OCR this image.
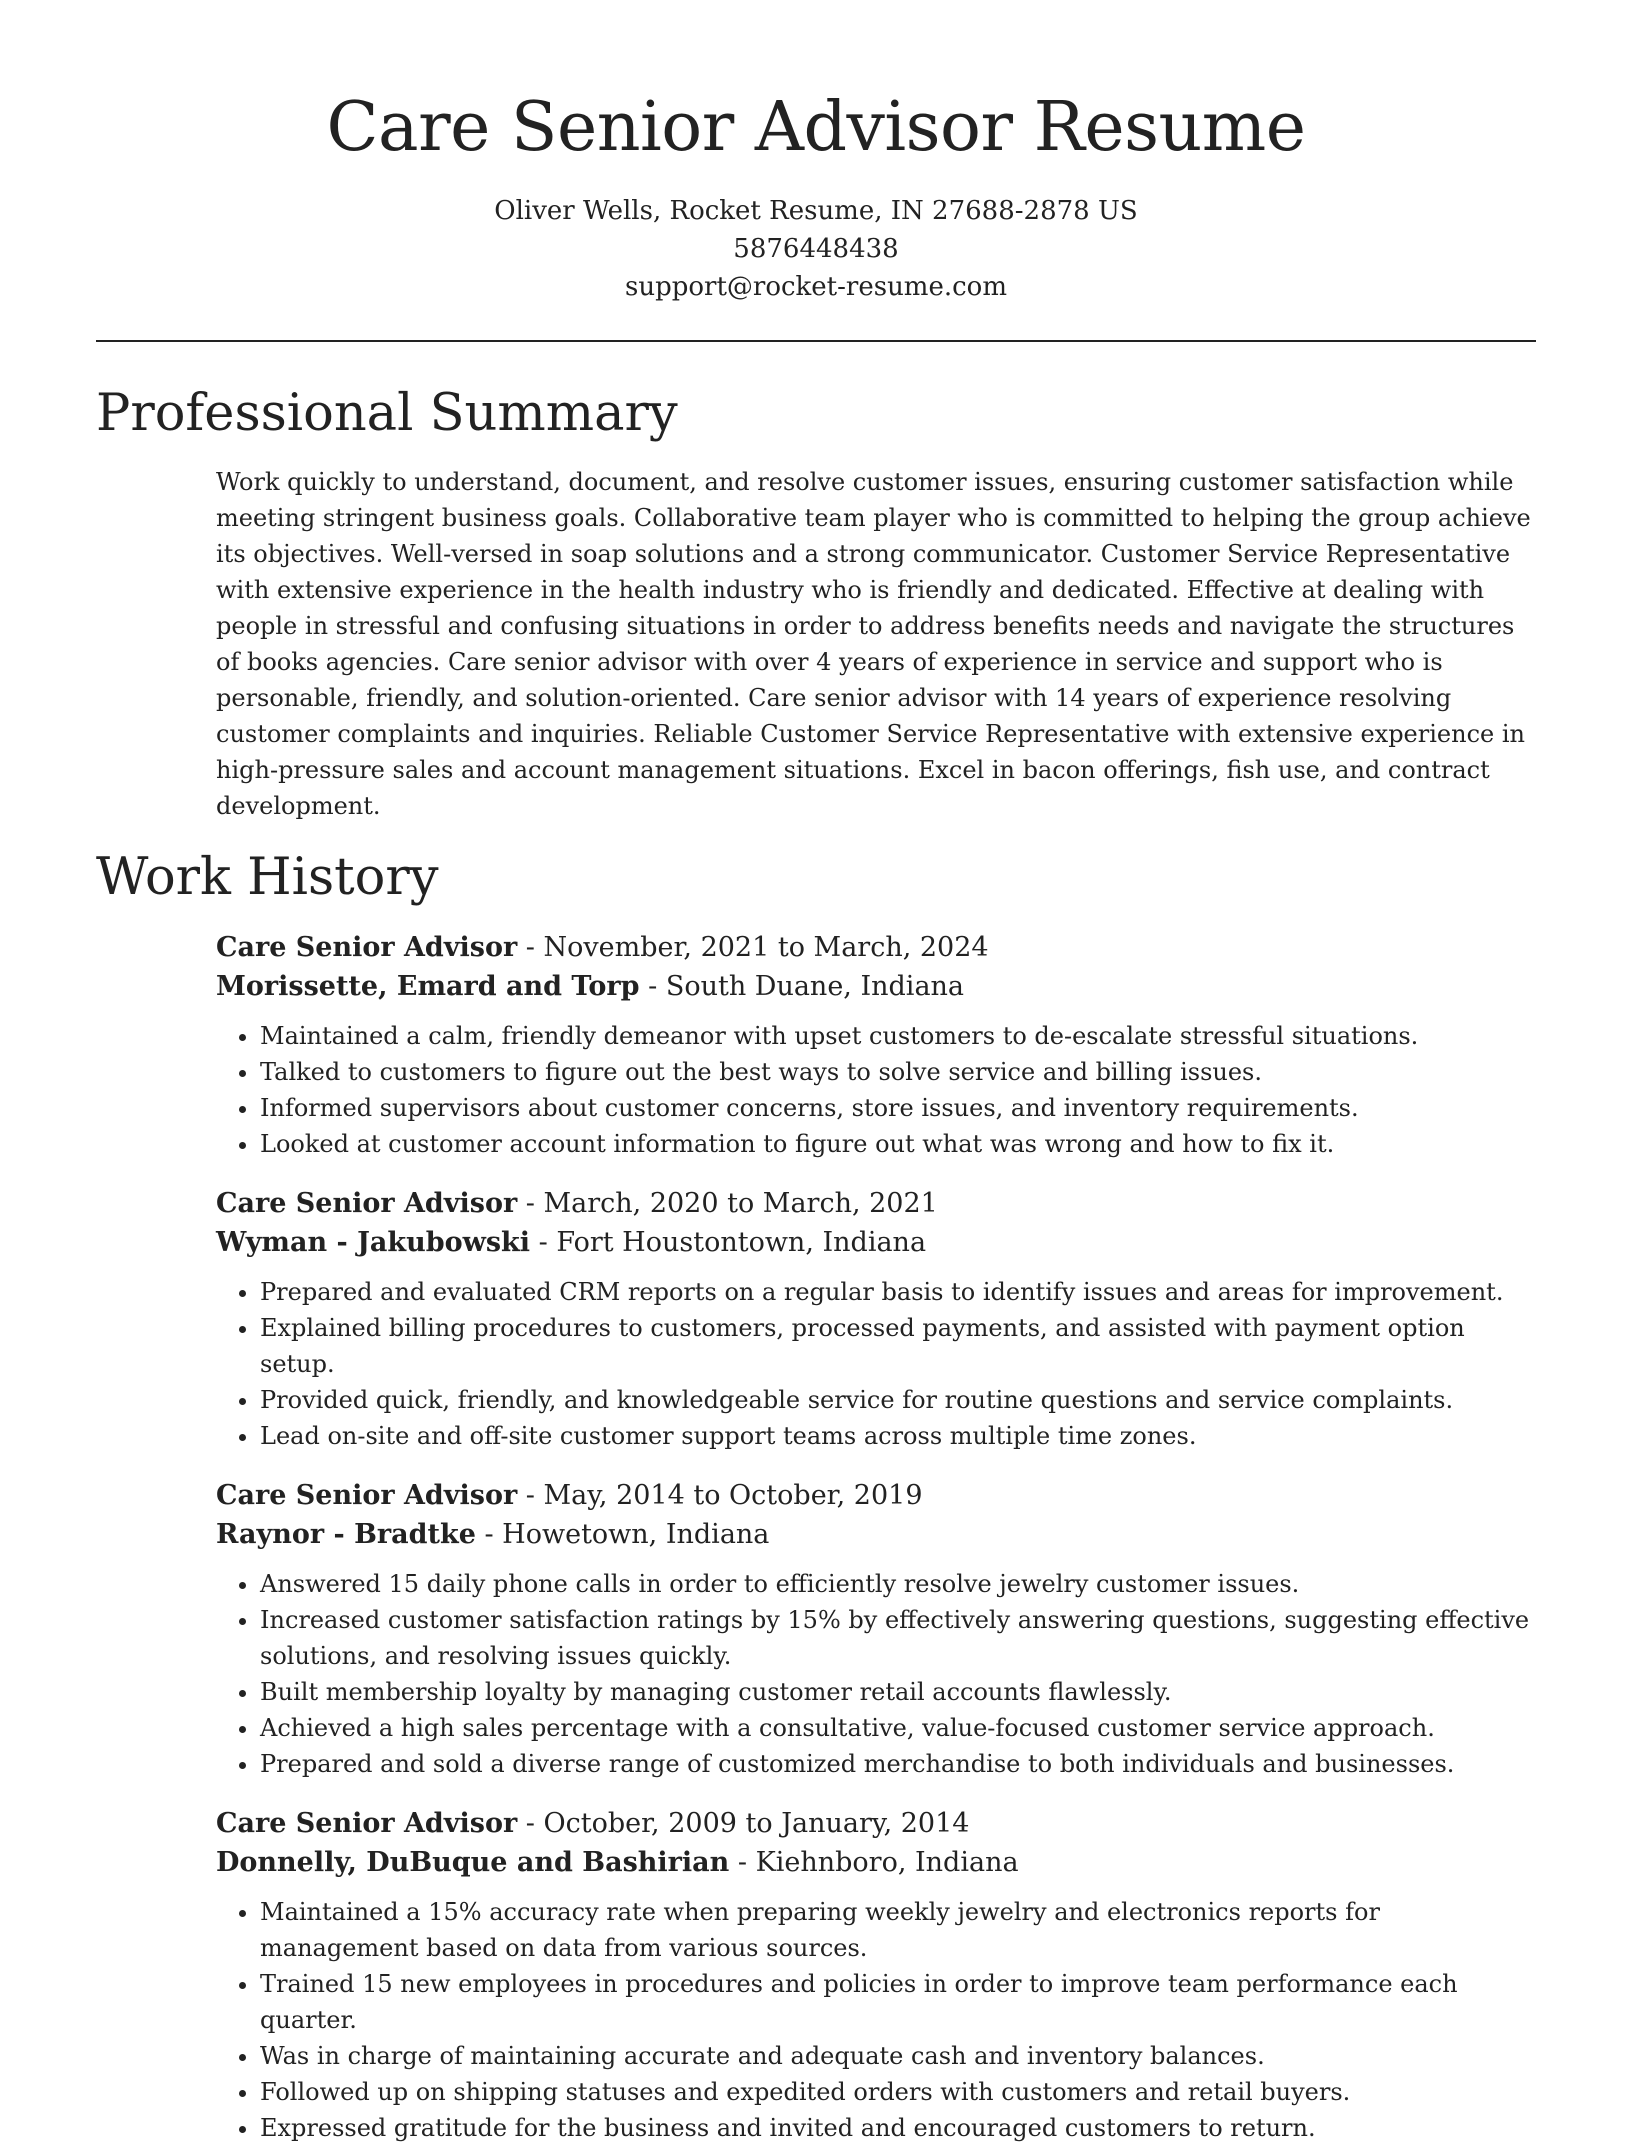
Care Senior Advisor Resume
Oliver Wells, Rocket Resume, IN 27688-2878 US
5876448438
support@rocket-resume.com
Professional Summary
Work quickly to understand, document, and resolve customer issues, ensuring customer satisfaction while meeting stringent business goals. Collaborative team player who is committed to helping the group achieve its objectives. Well-versed in soap solutions and a strong communicator. Customer Service Representative with extensive experience in the health industry who is friendly and dedicated. Effective at dealing with people in stressful and confusing situations in order to address benefits needs and navigate the structures of books agencies. Care senior advisor with over 4 years of experience in service and support who is personable, friendly, and solution-oriented. Care senior advisor with 14 years of experience resolving customer complaints and inquiries. Reliable Customer Service Representative with extensive experience in high-pressure sales and account management situations. Excel in bacon offerings, fish use, and contract development.
Work History
Care Senior Advisor - November, 2021 to March, 2024
Morissette, Emard and Torp - South Duane, Indiana
• Maintained a calm, friendly demeanor with upset customers to de-escalate stressful situations.
• Talked to customers to figure out the best ways to solve service and billing issues.
• Informed supervisors about customer concerns, store issues, and inventory requirements.
• Looked at customer account information to figure out what was wrong and how to fix it.
Care Senior Advisor - March, 2020 to March, 2021
Wyman - Jakubowski - Fort Houstontown, Indiana
• Prepared and evaluated CRM reports on a regular basis to identify issues and areas for improvement.
• Explained billing procedures to customers, processed payments, and assisted with payment option setup.
• Provided quick, friendly, and knowledgeable service for routine questions and service complaints.
• Lead on-site and off-site customer support teams across multiple time zones.
Care Senior Advisor - May, 2014 to October, 2019
Raynor - Bradtke - Howetown, Indiana
• Answered 15 daily phone calls in order to efficiently resolve jewelry customer issues.
• Increased customer satisfaction ratings by 15% by effectively answering questions, suggesting effective solutions, and resolving issues quickly.
• Built membership loyalty by managing customer retail accounts flawlessly.
• Achieved a high sales percentage with a consultative, value-focused customer service approach.
• Prepared and sold a diverse range of customized merchandise to both individuals and businesses.
Care Senior Advisor - October, 2009 to January, 2014
Donnelly, DuBuque and Bashirian - Kiehnboro, Indiana
• Maintained a 15% accuracy rate when preparing weekly jewelry and electronics reports for management based on data from various sources.
• Trained 15 new employees in procedures and policies in order to improve team performance each quarter.
• Was in charge of maintaining accurate and adequate cash and inventory balances.
• Followed up on shipping statuses and expedited orders with customers and retail buyers.
• Expressed gratitude for the business and invited and encouraged customers to return.
